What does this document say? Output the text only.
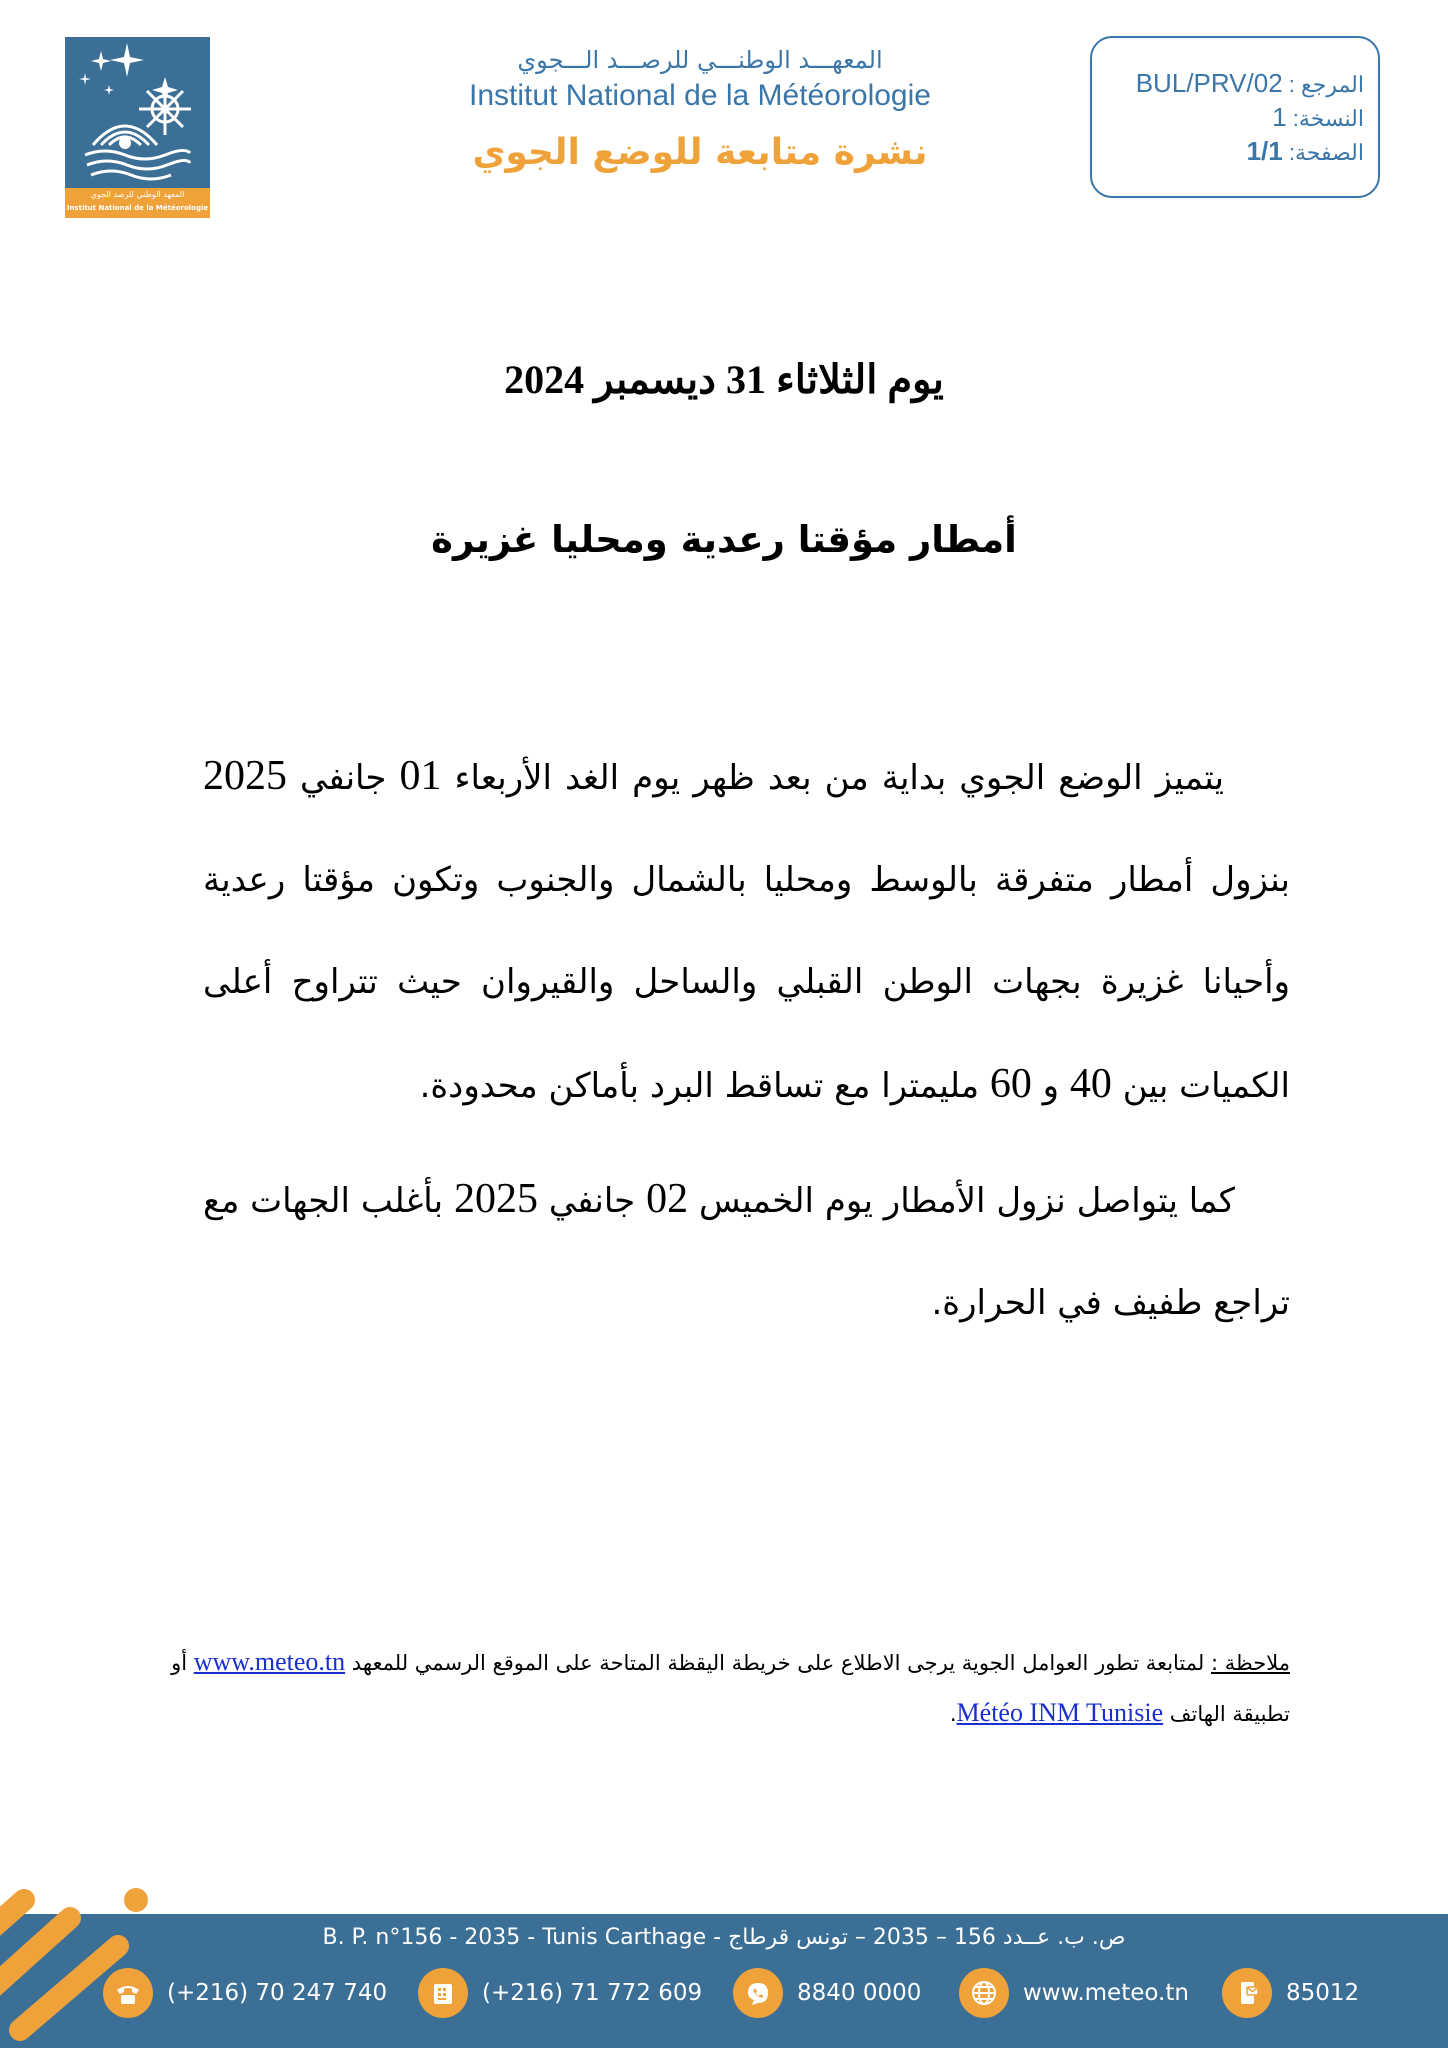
المعهد الوطني للرصد الجوي
Institut National de la Météorologie
المعهـــد الوطنـــي للرصـــد الـــجوي
Institut National de la Météorologie
نشرة متابعة للوضع الجوي
المرجع : BUL/PRV/02
النسخة: 1
الصفحة: 1/1
يوم الثلاثاء 31 ديسمبر 2024
أمطار مؤقتا رعدية ومحليا غزيرة
يتميز الوضع الجوي بداية من بعد ظهر يوم الغد الأربعاء 01 جانفي 2025 بنزول أمطار متفرقة بالوسط ومحليا بالشمال والجنوب وتكون مؤقتا رعدية وأحيانا غزيرة بجهات الوطن القبلي والساحل والقيروان حيث تتراوح أعلى الكميات بين 40 و 60 مليمترا مع تساقط البرد بأماكن محدودة.
كما يتواصل نزول الأمطار يوم الخميس 02 جانفي 2025 بأغلب الجهات مع تراجع طفيف في الحرارة.
ملاحظة : لمتابعة تطور العوامل الجوية يرجى الاطلاع على خريطة اليقظة المتاحة على الموقع الرسمي للمعهد www.meteo.tn أو تطبيقة الهاتف Météo INM Tunisie.
B. P. n°156 - 2035 - Tunis Carthage - ص. ب. عــدد 156 – 2035 – تونس قرطاج
(+216) 70 247 740	(+216) 71 772 609	8840 0000	www.meteo.tn	85012
